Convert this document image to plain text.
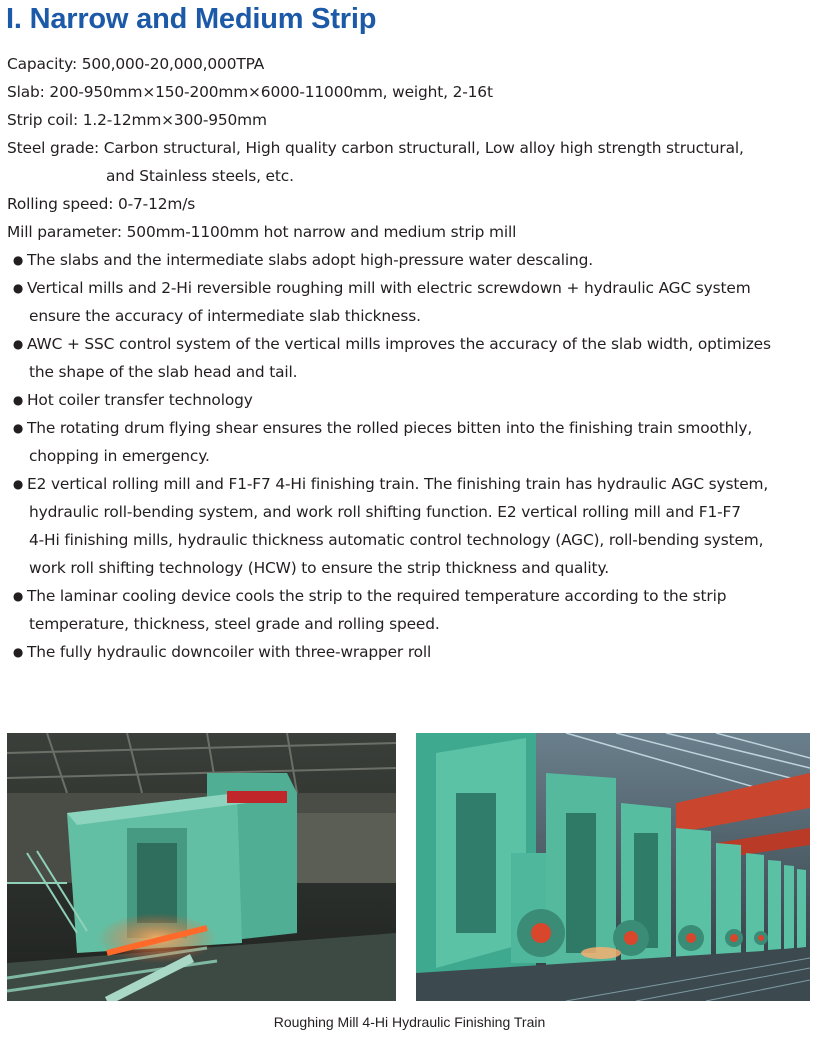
I. Narrow and Medium Strip
Capacity: 500,000-20,000,000TPA
Slab: 200-950mm×150-200mm×6000-11000mm, weight, 2-16t
Strip coil: 1.2-12mm×300-950mm
Steel grade: Carbon structural, High quality carbon structurall, Low alloy high strength structural,
and Stainless steels, etc.
Rolling speed: 0-7-12m/s
Mill parameter: 500mm-1100mm hot narrow and medium strip mill
● The slabs and the intermediate slabs adopt high-pressure water descaling.
● Vertical mills and 2-Hi reversible roughing mill with electric screwdown + hydraulic AGC system
ensure the accuracy of intermediate slab thickness.
● AWC + SSC control system of the vertical mills improves the accuracy of the slab width, optimizes
the shape of the slab head and tail.
● Hot coiler transfer technology
● The rotating drum flying shear ensures the rolled pieces bitten into the finishing train smoothly,
chopping in emergency.
● E2 vertical rolling mill and F1-F7 4-Hi finishing train. The finishing train has hydraulic AGC system,
hydraulic roll-bending system, and work roll shifting function. E2 vertical rolling mill and F1-F7
4-Hi finishing mills, hydraulic thickness automatic control technology (AGC), roll-bending system,
work roll shifting technology (HCW) to ensure the strip thickness and quality.
● The laminar cooling device cools the strip to the required temperature according to the strip
temperature, thickness, steel grade and rolling speed.
● The fully hydraulic downcoiler with three-wrapper roll
Roughing Mill 4-Hi Hydraulic Finishing Train
